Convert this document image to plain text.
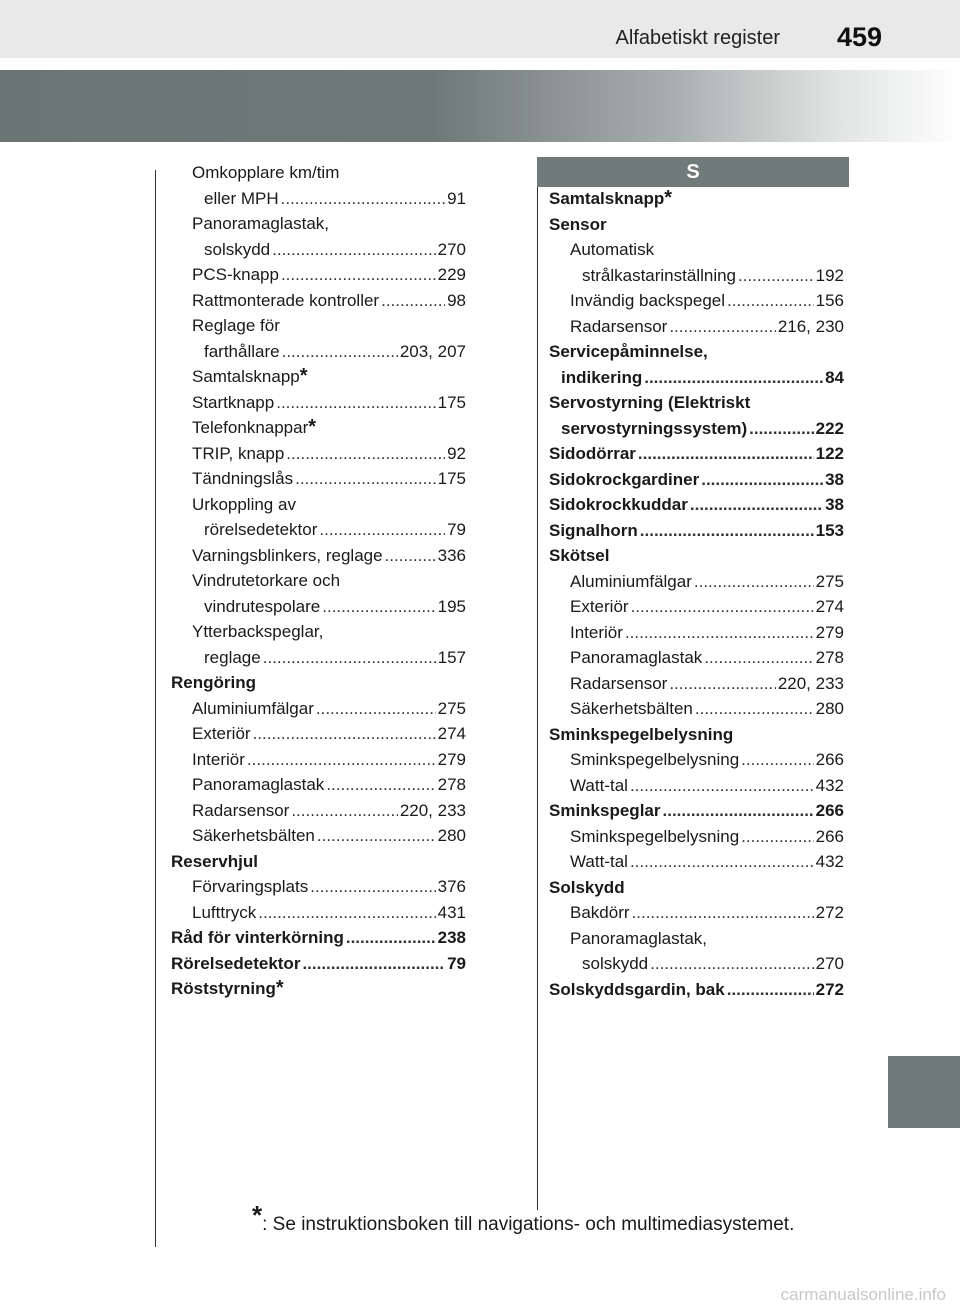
Alfabetiskt register 459
S
Omkopplare km/tim
eller MPH .....	91
Panoramaglastak,
solskydd .....	270
PCS-knapp .....	229
Rattmonterade kontroller .....	98
Reglage för
farthållare .....	203, 207
Samtalsknapp *
Startknapp .....	175
Telefonknappar *
TRIP, knapp .....	92
Tändningslås .....	175
Urkoppling av
rörelsedetektor .....	79
Varningsblinkers, reglage .....	336
Vindrutetorkare och
vindrutespolare .....	195
Ytterbackspeglar,
reglage .....	157
Rengöring
Aluminiumfälgar .....	275
Exteriör .....	274
Interiör .....	279
Panoramaglastak .....	278
Radarsensor .....	220, 233
Säkerhetsbälten .....	280
Reservhjul
Förvaringsplats .....	376
Lufttryck .....	431
Råd för vinterkörning .....	238
Rörelsedetektor .....	79
Röststyrning *
Samtalsknapp *
Sensor
Automatisk
strålkastarinställning .....	192
Invändig backspegel .....	156
Radarsensor .....	216, 230
Servicepåminnelse,
indikering .....	84
Servostyrning (Elektriskt
servostyrningssystem) .....	222
Sidodörrar .....	122
Sidokrockgardiner .....	38
Sidokrockkuddar .....	38
Signalhorn .....	153
Skötsel
Aluminiumfälgar .....	275
Exteriör .....	274
Interiör .....	279
Panoramaglastak .....	278
Radarsensor .....	220, 233
Säkerhetsbälten .....	280
Sminkspegelbelysning
Sminkspegelbelysning .....	266
Watt-tal .....	432
Sminkspeglar .....	266
Sminkspegelbelysning .....	266
Watt-tal .....	432
Solskydd
Bakdörr .....	272
Panoramaglastak,
solskydd .....	270
Solskyddsgardin, bak .....	272
*: Se instruktionsboken till navigations- och multimediasystemet.
carmanualsonline.info
